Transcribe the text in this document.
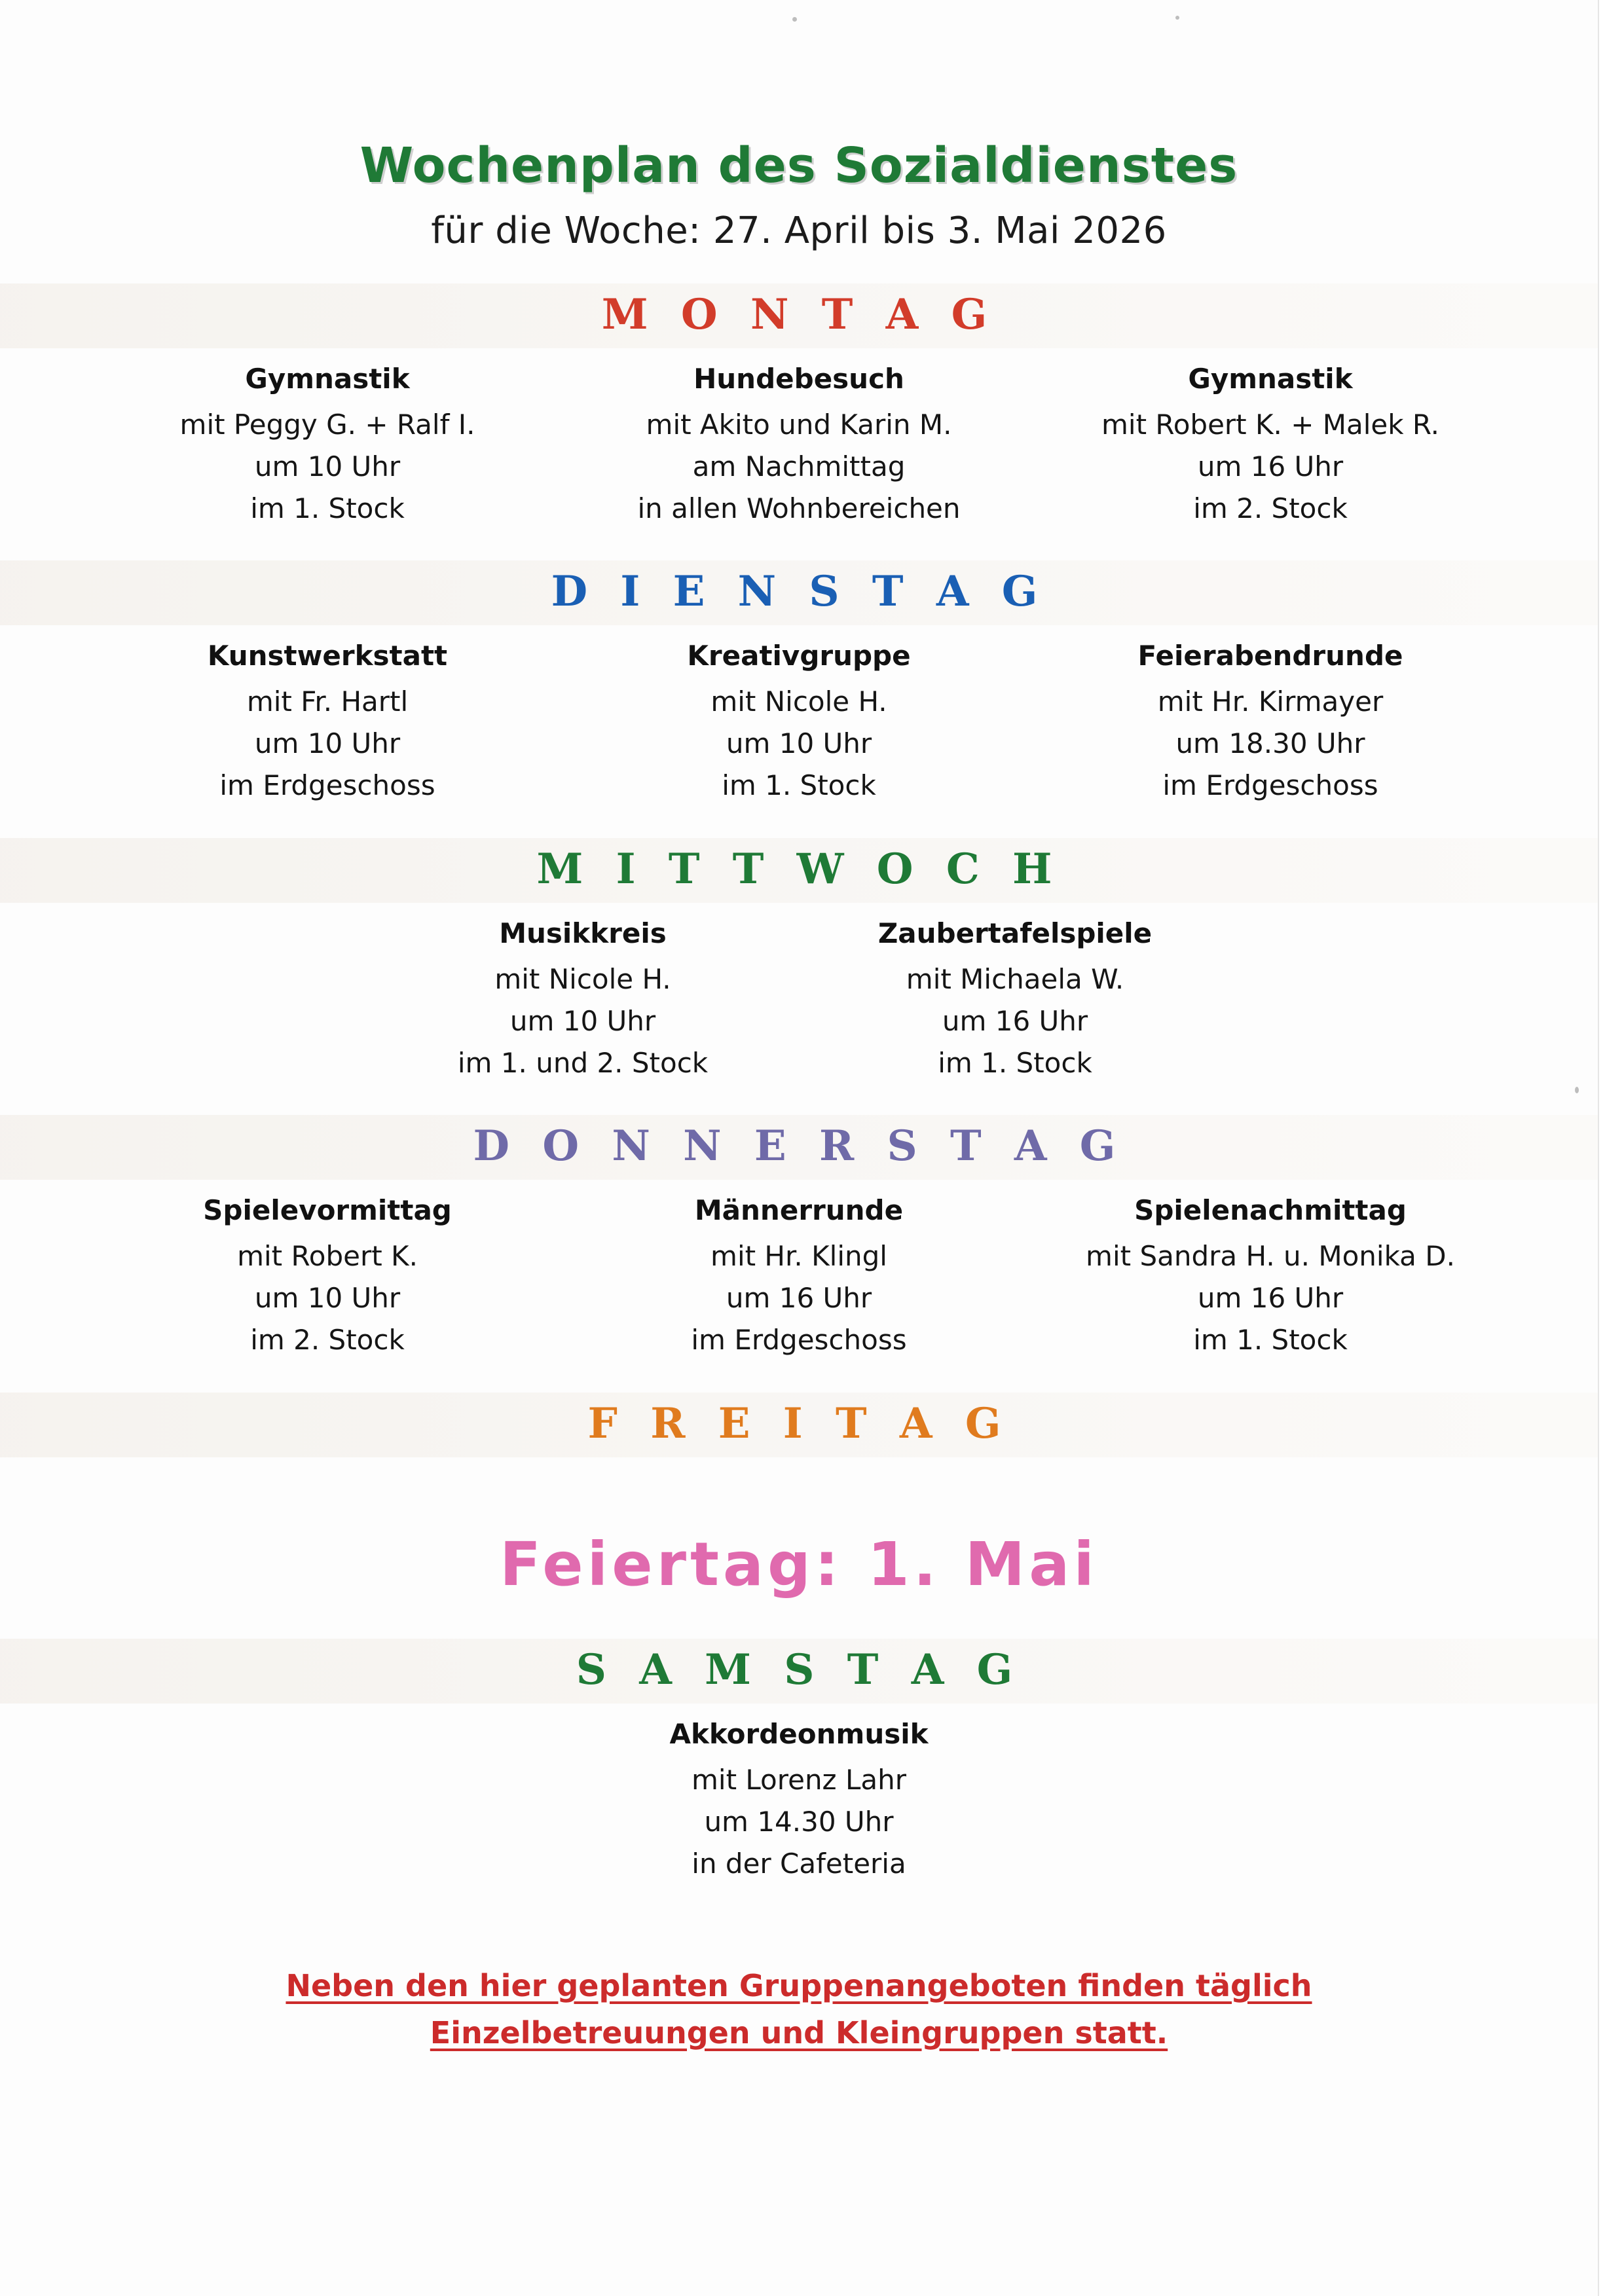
Wochenplan des Sozialdienstes
für die Woche: 27. April bis 3. Mai 2026
M O N T A G
Gymnastik
mit Peggy G. + Ralf I.
um 10 Uhr
im 1. Stock
Hundebesuch
mit Akito und Karin M.
am Nachmittag
in allen Wohnbereichen
Gymnastik
mit Robert K. + Malek R.
um 16 Uhr
im 2. Stock
D I E N S T A G
Kunstwerkstatt
mit Fr. Hartl
um 10 Uhr
im Erdgeschoss
Kreativgruppe
mit Nicole H.
um 10 Uhr
im 1. Stock
Feierabendrunde
mit Hr. Kirmayer
um 18.30 Uhr
im Erdgeschoss
M I T T W O C H
Musikkreis
mit Nicole H.
um 10 Uhr
im 1. und 2. Stock
Zaubertafelspiele
mit Michaela W.
um 16 Uhr
im 1. Stock
D O N N E R S T A G
Spielevormittag
mit Robert K.
um 10 Uhr
im 2. Stock
Männerrunde
mit Hr. Klingl
um 16 Uhr
im Erdgeschoss
Spielenachmittag
mit Sandra H. u. Monika D.
um 16 Uhr
im 1. Stock
F R E I T A G
Feiertag: 1. Mai
S A M S T A G
Akkordeonmusik
mit Lorenz Lahr
um 14.30 Uhr
in der Cafeteria
Neben den hier geplanten Gruppenangeboten finden täglich
Einzelbetreuungen und Kleingruppen statt.
